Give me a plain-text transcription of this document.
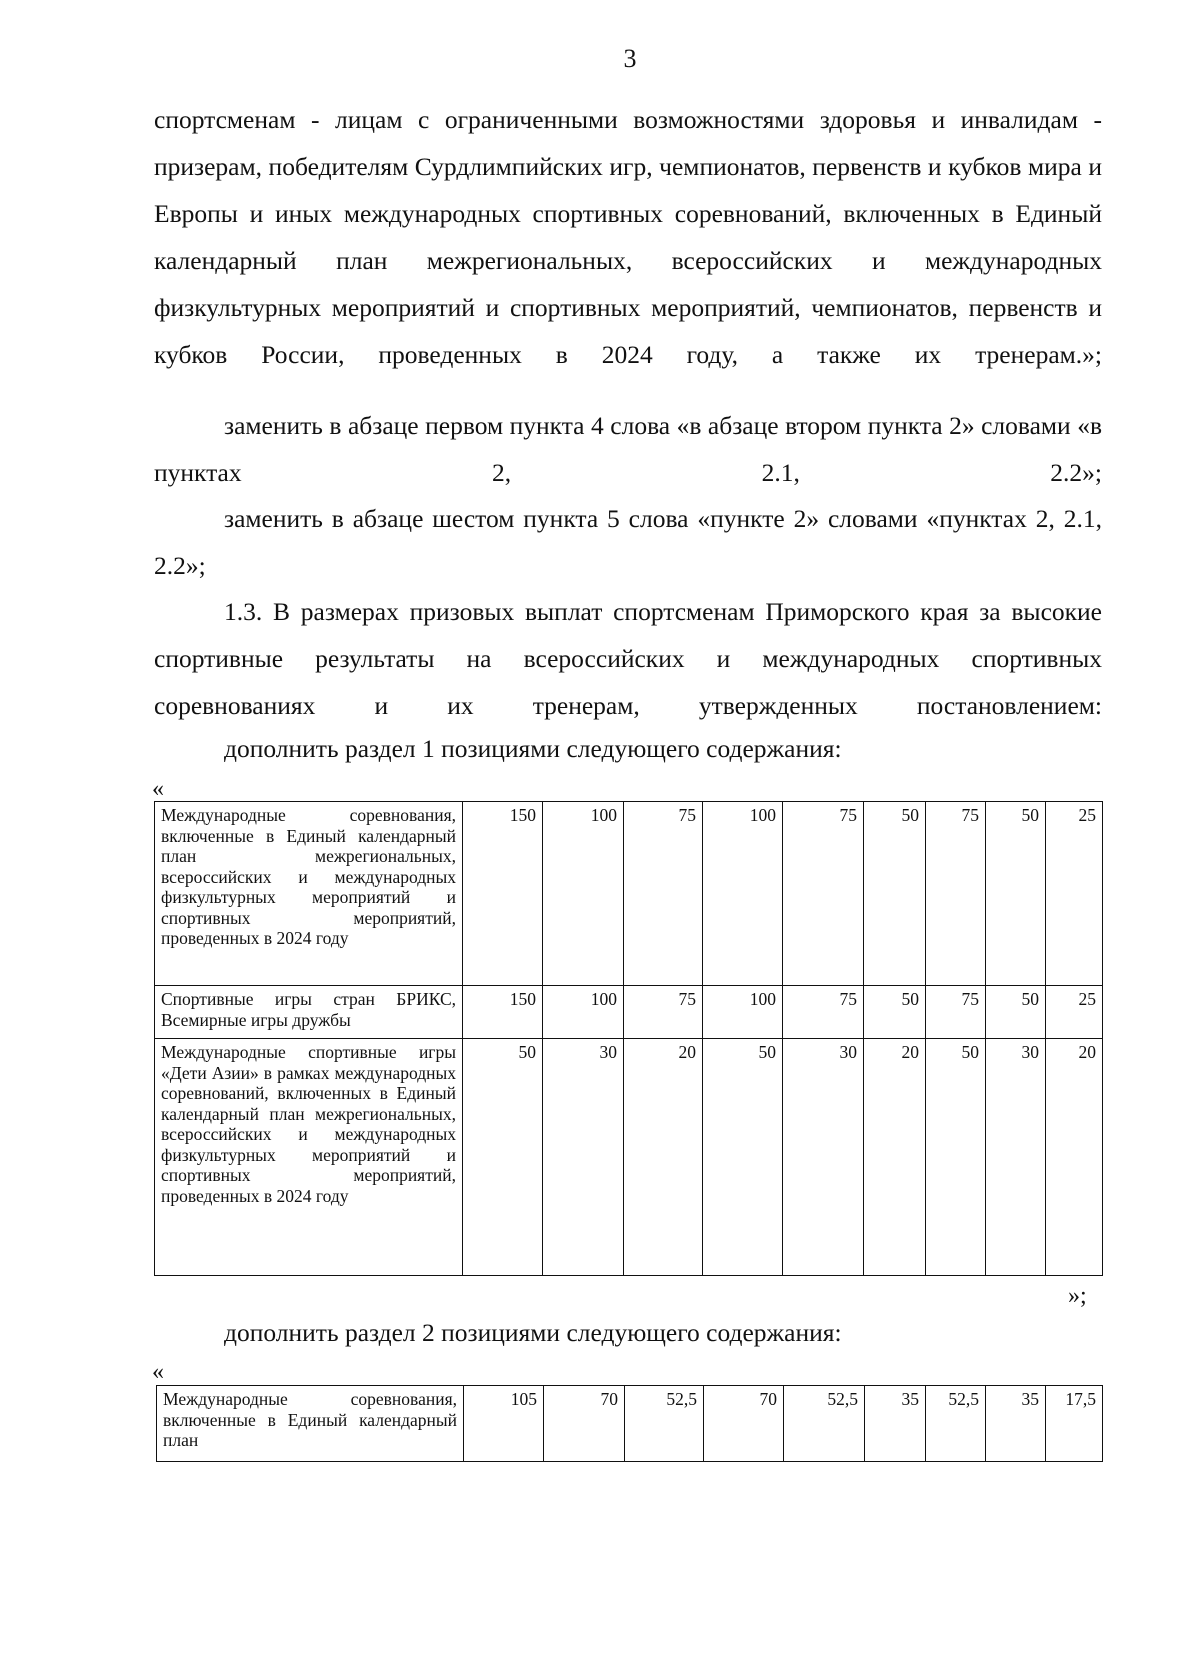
3

спортсменам - лицам с ограниченными возможностями здоровья и инвалидам - призерам, победителям Сурдлимпийских игр, чемпионатов, первенств и кубков мира и Европы и иных международных спортивных соревнований, включенных в Единый календарный план межрегиональных, всероссийских и международных физкультурных мероприятий и спортивных мероприятий, чемпионатов, первенств и кубков России, проведенных в 2024 году, а также их тренерам.»;

заменить в абзаце первом пункта 4 слова «в абзаце втором пункта 2» словами «в пунктах 2, 2.1, 2.2»;

заменить в абзаце шестом пункта 5 слова «пункте 2» словами «пунктах 2, 2.1, 2.2»;

1.3. В размерах призовых выплат спортсменам Приморского края за высокие спортивные результаты на всероссийских и международных спортивных соревнованиях и их тренерам, утвержденных постановлением:

дополнить раздел 1 позициями следующего содержания:

«
Международные соревнования, включенные в Единый календарный план межрегиональных, всероссийских и международных физкультурных мероприятий и спортивных мероприятий, проведенных в 2024 году	150	100	75	100	75	50	75	50	25
Спортивные игры стран БРИКС, Всемирные игры дружбы	150	100	75	100	75	50	75	50	25
Международные спортивные игры «Дети Азии» в рамках международных соревнований, включенных в Единый календарный план межрегиональных, всероссийских и международных физкультурных мероприятий и спортивных мероприятий, проведенных в 2024 году	50	30	20	50	30	20	50	30	20
»;

дополнить раздел 2 позициями следующего содержания:

«
Международные соревнования, включенные в Единый календарный план	105	70	52,5	70	52,5	35	52,5	35	17,5
